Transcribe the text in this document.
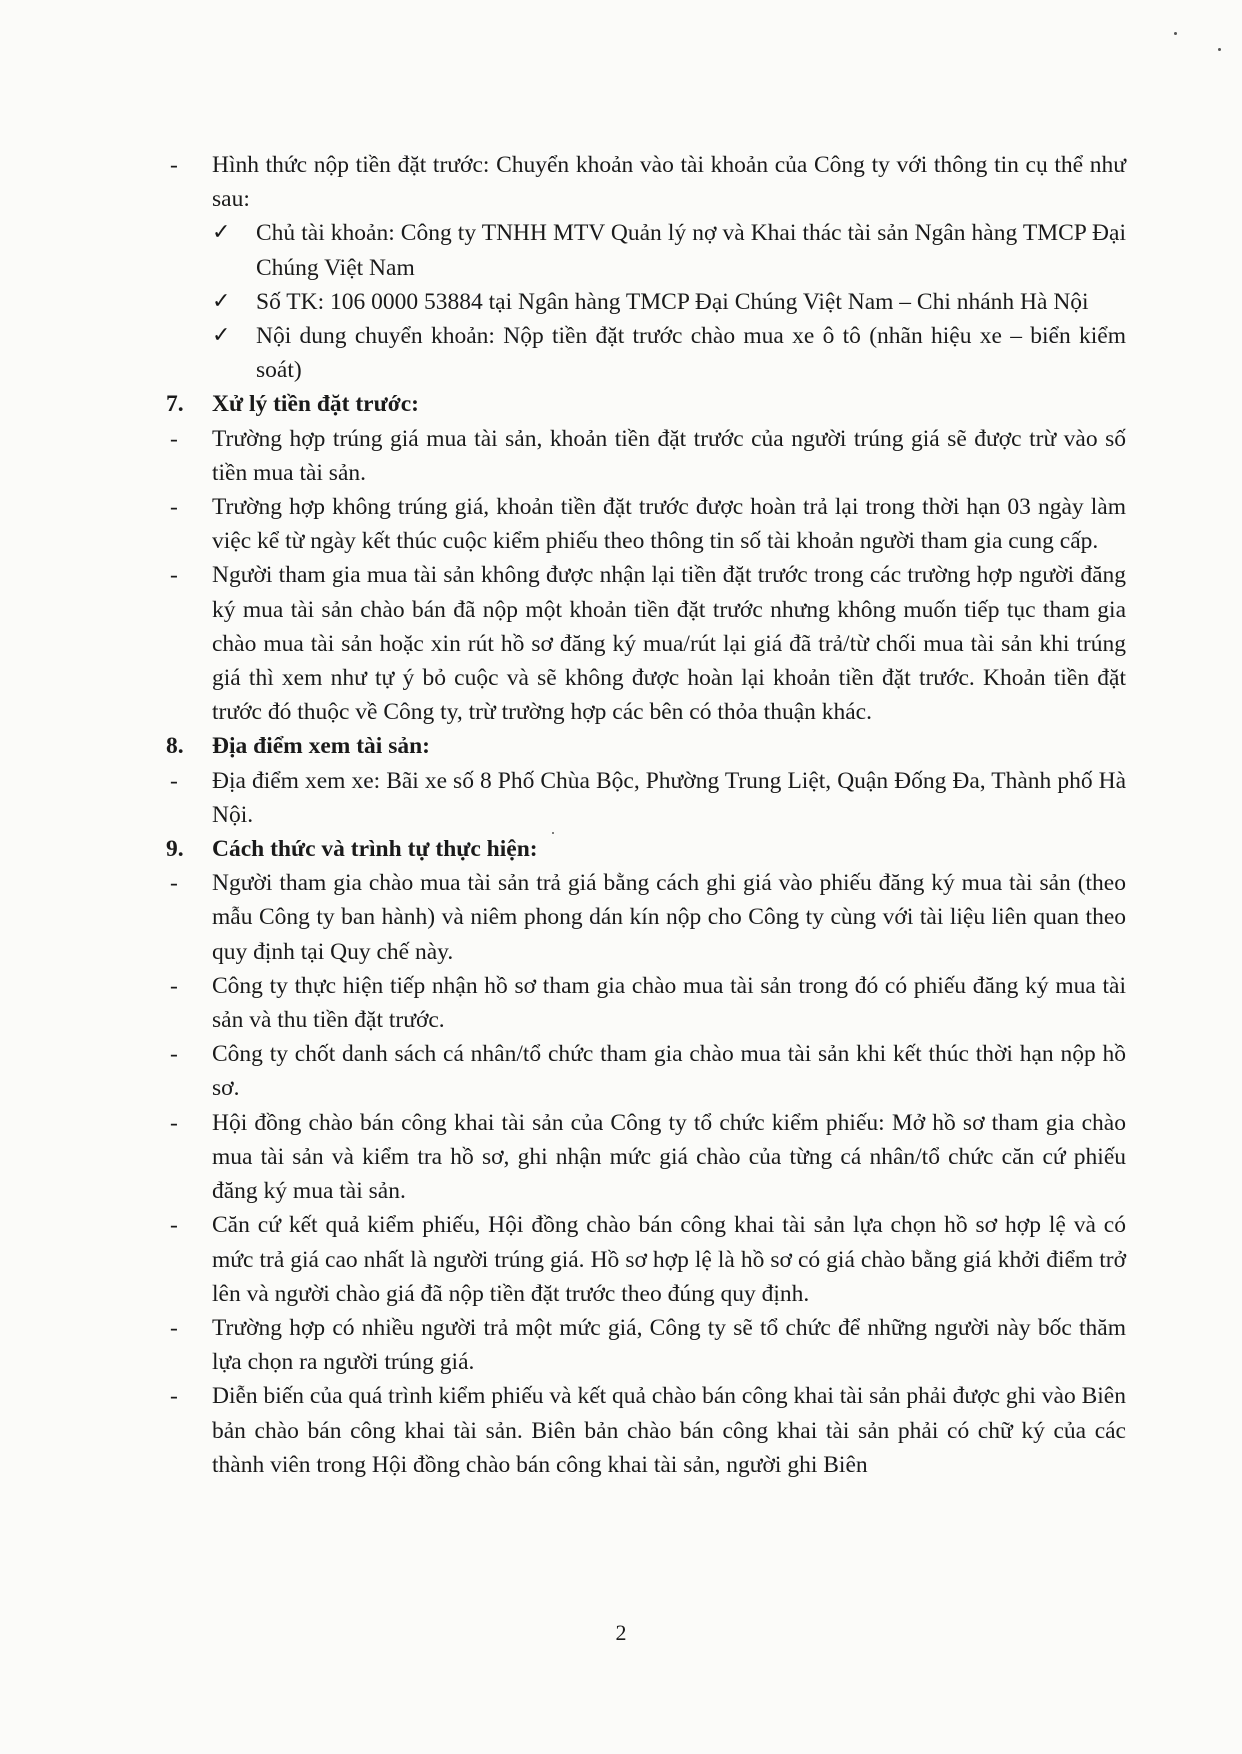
- Hình thức nộp tiền đặt trước: Chuyển khoản vào tài khoản của Công ty với thông tin cụ thể như sau:
✓ Chủ tài khoản: Công ty TNHH MTV Quản lý nợ và Khai thác tài sản Ngân hàng TMCP Đại Chúng Việt Nam
✓ Số TK: 106 0000 53884 tại Ngân hàng TMCP Đại Chúng Việt Nam – Chi nhánh Hà Nội
✓ Nội dung chuyển khoản: Nộp tiền đặt trước chào mua xe ô tô (nhãn hiệu xe – biển kiểm soát)
7. Xử lý tiền đặt trước:
- Trường hợp trúng giá mua tài sản, khoản tiền đặt trước của người trúng giá sẽ được trừ vào số tiền mua tài sản.
- Trường hợp không trúng giá, khoản tiền đặt trước được hoàn trả lại trong thời hạn 03 ngày làm việc kể từ ngày kết thúc cuộc kiểm phiếu theo thông tin số tài khoản người tham gia cung cấp.
- Người tham gia mua tài sản không được nhận lại tiền đặt trước trong các trường hợp người đăng ký mua tài sản chào bán đã nộp một khoản tiền đặt trước nhưng không muốn tiếp tục tham gia chào mua tài sản hoặc xin rút hồ sơ đăng ký mua/rút lại giá đã trả/từ chối mua tài sản khi trúng giá thì xem như tự ý bỏ cuộc và sẽ không được hoàn lại khoản tiền đặt trước. Khoản tiền đặt trước đó thuộc về Công ty, trừ trường hợp các bên có thỏa thuận khác.
8. Địa điểm xem tài sản:
- Địa điểm xem xe: Bãi xe số 8 Phố Chùa Bộc, Phường Trung Liệt, Quận Đống Đa, Thành phố Hà Nội.
9. Cách thức và trình tự thực hiện:
- Người tham gia chào mua tài sản trả giá bằng cách ghi giá vào phiếu đăng ký mua tài sản (theo mẫu Công ty ban hành) và niêm phong dán kín nộp cho Công ty cùng với tài liệu liên quan theo quy định tại Quy chế này.
- Công ty thực hiện tiếp nhận hồ sơ tham gia chào mua tài sản trong đó có phiếu đăng ký mua tài sản và thu tiền đặt trước.
- Công ty chốt danh sách cá nhân/tổ chức tham gia chào mua tài sản khi kết thúc thời hạn nộp hồ sơ.
- Hội đồng chào bán công khai tài sản của Công ty tổ chức kiểm phiếu: Mở hồ sơ tham gia chào mua tài sản và kiểm tra hồ sơ, ghi nhận mức giá chào của từng cá nhân/tổ chức căn cứ phiếu đăng ký mua tài sản.
- Căn cứ kết quả kiểm phiếu, Hội đồng chào bán công khai tài sản lựa chọn hồ sơ hợp lệ và có mức trả giá cao nhất là người trúng giá. Hồ sơ hợp lệ là hồ sơ có giá chào bằng giá khởi điểm trở lên và người chào giá đã nộp tiền đặt trước theo đúng quy định.
- Trường hợp có nhiều người trả một mức giá, Công ty sẽ tổ chức để những người này bốc thăm lựa chọn ra người trúng giá.
- Diễn biến của quá trình kiểm phiếu và kết quả chào bán công khai tài sản phải được ghi vào Biên bản chào bán công khai tài sản. Biên bản chào bán công khai tài sản phải có chữ ký của các thành viên trong Hội đồng chào bán công khai tài sản, người ghi Biên
2
